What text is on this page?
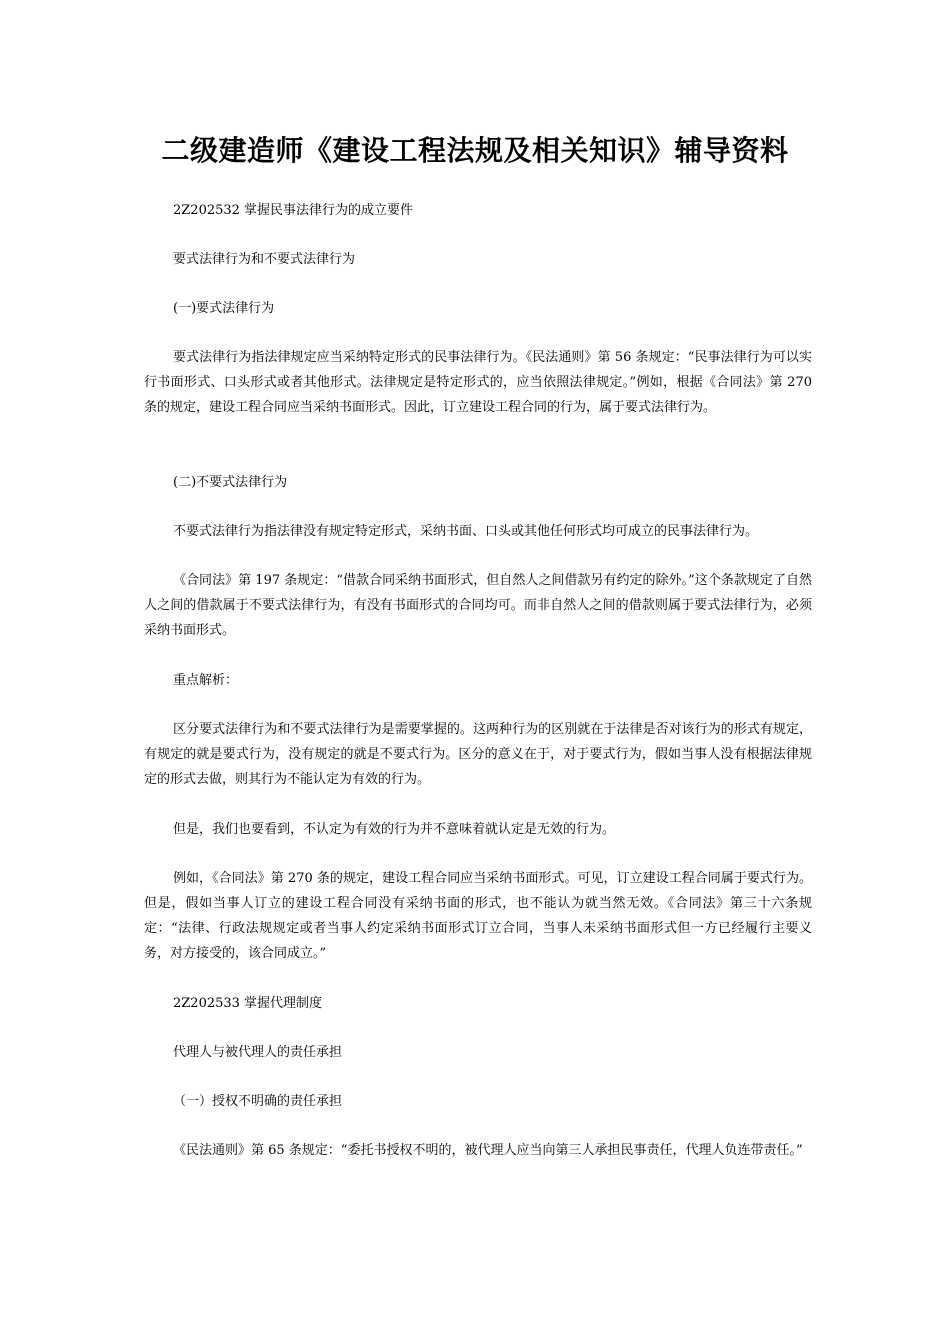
二级建造师《建设工程法规及相关知识》辅导资料

2Z202532 掌握民事法律行为的成立要件

要式法律行为和不要式法律行为

(一)要式法律行为

要式法律行为指法律规定应当采纳特定形式的民事法律行为。《民法通则》第 56 条规定：“民事法律行为可以实行书面形式、口头形式或者其他形式。法律规定是特定形式的，应当依照法律规定。”例如，根据《合同法》第 270 条的规定，建设工程合同应当采纳书面形式。因此，订立建设工程合同的行为，属于要式法律行为。

(二)不要式法律行为

不要式法律行为指法律没有规定特定形式，采纳书面、口头或其他任何形式均可成立的民事法律行为。

《合同法》第 197 条规定：“借款合同采纳书面形式，但自然人之间借款另有约定的除外。”这个条款规定了自然人之间的借款属于不要式法律行为，有没有书面形式的合同均可。而非自然人之间的借款则属于要式法律行为，必须采纳书面形式。

重点解析：

区分要式法律行为和不要式法律行为是需要掌握的。这两种行为的区别就在于法律是否对该行为的形式有规定，有规定的就是要式行为，没有规定的就是不要式行为。区分的意义在于，对于要式行为，假如当事人没有根据法律规定的形式去做，则其行为不能认定为有效的行为。

但是，我们也要看到，不认定为有效的行为并不意味着就认定是无效的行为。

例如，《合同法》第 270 条的规定，建设工程合同应当采纳书面形式。可见，订立建设工程合同属于要式行为。但是，假如当事人订立的建设工程合同没有采纳书面的形式，也不能认为就当然无效。《合同法》第三十六条规定：“法律、行政法规规定或者当事人约定采纳书面形式订立合同，当事人未采纳书面形式但一方已经履行主要义务，对方接受的，该合同成立。”

2Z202533 掌握代理制度

代理人与被代理人的责任承担

（一）授权不明确的责任承担

《民法通则》第 65 条规定：“委托书授权不明的，被代理人应当向第三人承担民事责任，代理人负连带责任。”
